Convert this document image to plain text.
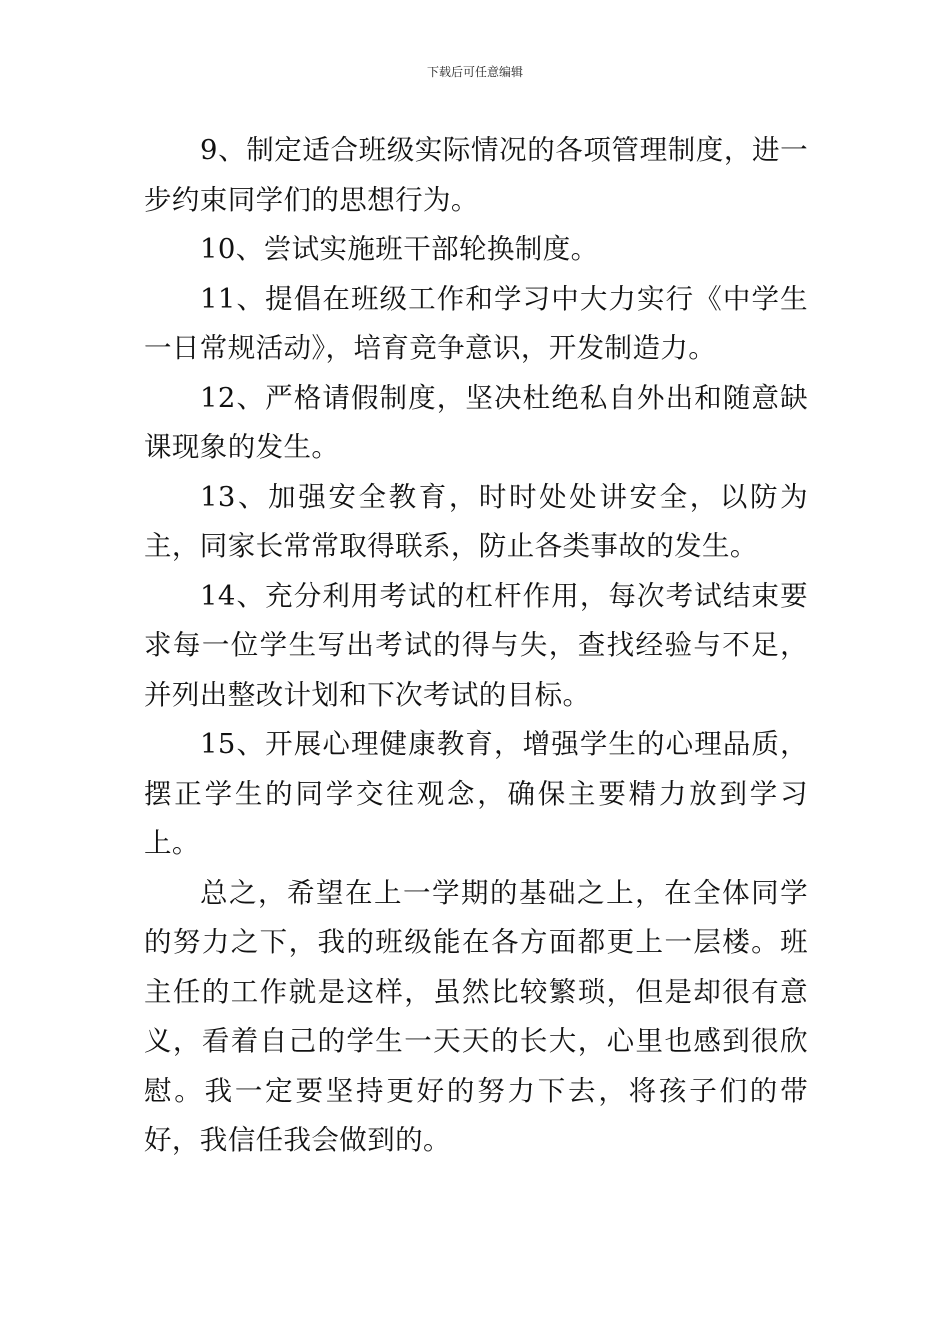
下载后可任意编辑

9、制定适合班级实际情况的各项管理制度，进一步约束同学们的思想行为。

10、尝试实施班干部轮换制度。

11、提倡在班级工作和学习中大力实行《中学生一日常规活动》，培育竞争意识，开发制造力。

12、严格请假制度，坚决杜绝私自外出和随意缺课现象的发生。

13、加强安全教育，时时处处讲安全，以防为主，同家长常常取得联系，防止各类事故的发生。

14、充分利用考试的杠杆作用，每次考试结束要求每一位学生写出考试的得与失，查找经验与不足，并列出整改计划和下次考试的目标。

15、开展心理健康教育，增强学生的心理品质，摆正学生的同学交往观念，确保主要精力放到学习上。

总之，希望在上一学期的基础之上，在全体同学的努力之下，我的班级能在各方面都更上一层楼。班主任的工作就是这样，虽然比较繁琐，但是却很有意义，看着自己的学生一天天的长大，心里也感到很欣慰。我一定要坚持更好的努力下去，将孩子们的带好，我信任我会做到的。
